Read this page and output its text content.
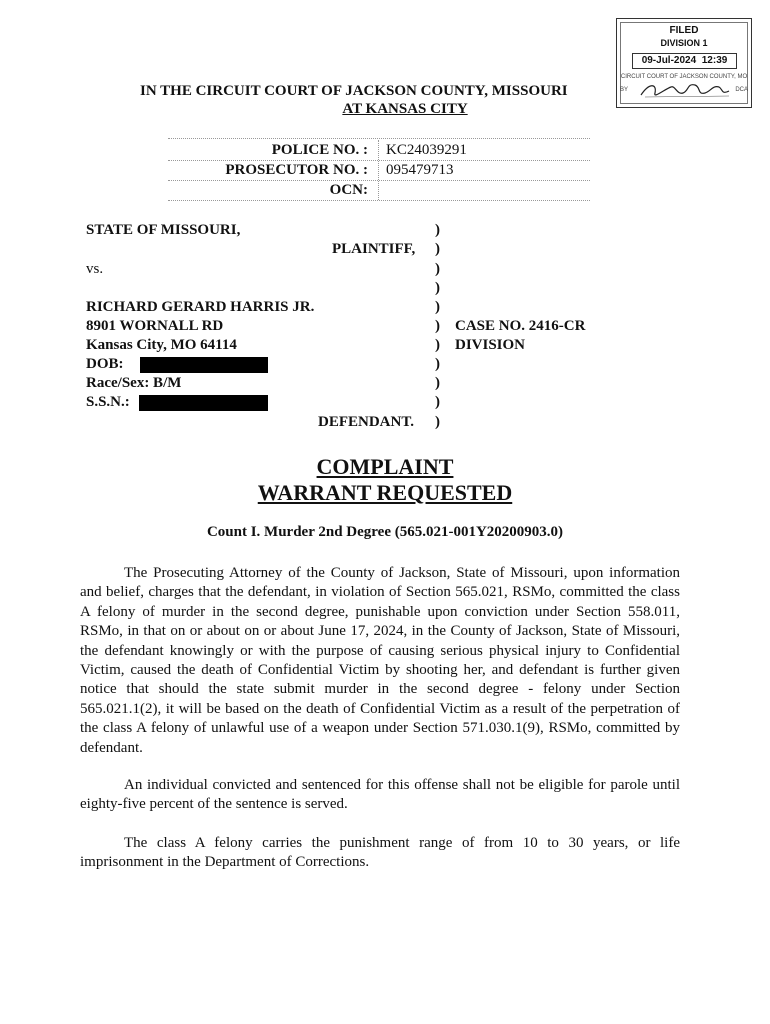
FILED
DIVISION 1
09-Jul-2024 12:39
CIRCUIT COURT OF JACKSON COUNTY, MO
BY	DCA
IN THE CIRCUIT COURT OF JACKSON COUNTY, MISSOURI
AT KANSAS CITY
POLICE NO. : KC24039291
PROSECUTOR NO. : 095479713
OCN:
STATE OF MISSOURI,
PLAINTIFF,
vs.
RICHARD GERARD HARRIS JR.
8901 WORNALL RD
Kansas City, MO 64114
DOB:
Race/Sex: B/M
S.S.N.:
DEFENDANT.
)
)
)
)
)
)
)
)
)
)
)
CASE NO. 2416-CR
DIVISION
COMPLAINT
WARRANT REQUESTED
Count I. Murder 2nd Degree (565.021-001Y20200903.0)
The Prosecuting Attorney of the County of Jackson, State of Missouri, upon information and belief, charges that the defendant, in violation of Section 565.021, RSMo, committed the class A felony of murder in the second degree, punishable upon conviction under Section 558.011, RSMo, in that on or about on or about June 17, 2024, in the County of Jackson, State of Missouri, the defendant knowingly or with the purpose of causing serious physical injury to Confidential Victim, caused the death of Confidential Victim by shooting her, and defendant is further given notice that should the state submit murder in the second degree - felony under Section 565.021.1(2), it will be based on the death of Confidential Victim as a result of the perpetration of the class A felony of unlawful use of a weapon under Section 571.030.1(9), RSMo, committed by defendant.
An individual convicted and sentenced for this offense shall not be eligible for parole until eighty-five percent of the sentence is served.
The class A felony carries the punishment range of from 10 to 30 years, or life imprisonment in the Department of Corrections.
